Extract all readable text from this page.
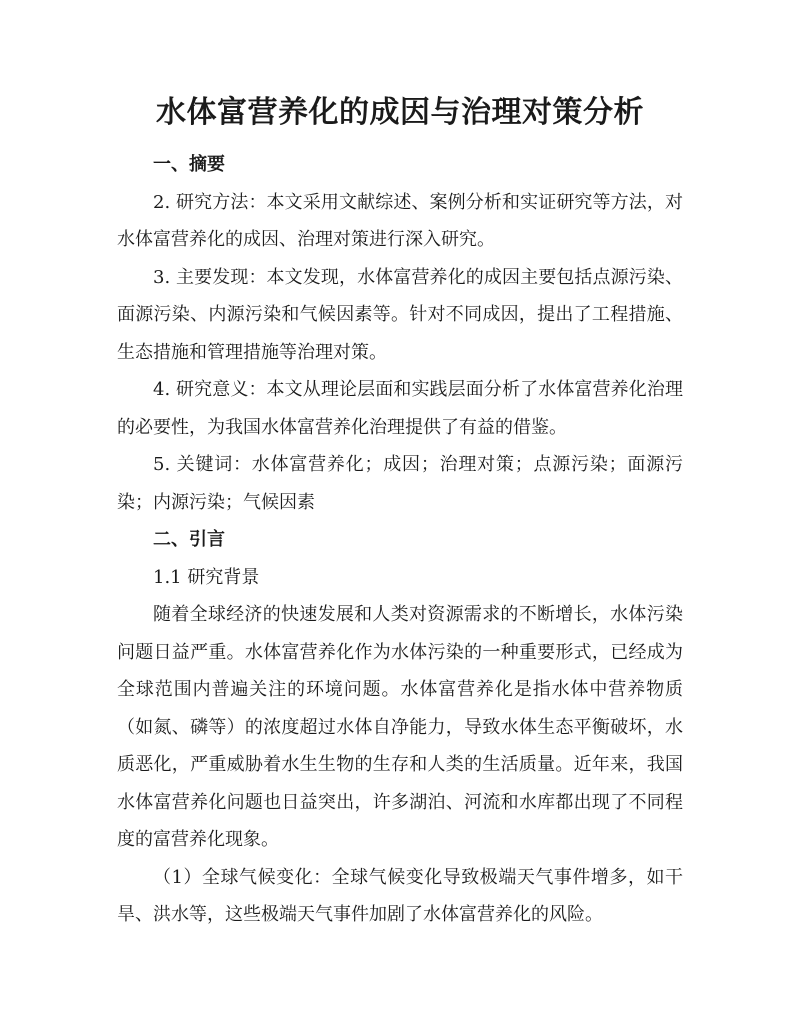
水体富营养化的成因与治理对策分析

一、摘要

2. 研究方法：本文采用文献综述、案例分析和实证研究等方法，对水体富营养化的成因、治理对策进行深入研究。

3. 主要发现：本文发现，水体富营养化的成因主要包括点源污染、面源污染、内源污染和气候因素等。针对不同成因，提出了工程措施、生态措施和管理措施等治理对策。

4. 研究意义：本文从理论层面和实践层面分析了水体富营养化治理的必要性，为我国水体富营养化治理提供了有益的借鉴。

5. 关键词：水体富营养化；成因；治理对策；点源污染；面源污染；内源污染；气候因素

二、引言

1.1 研究背景

随着全球经济的快速发展和人类对资源需求的不断增长，水体污染问题日益严重。水体富营养化作为水体污染的一种重要形式，已经成为全球范围内普遍关注的环境问题。水体富营养化是指水体中营养物质（如氮、磷等）的浓度超过水体自净能力，导致水体生态平衡破坏，水质恶化，严重威胁着水生生物的生存和人类的生活质量。近年来，我国水体富营养化问题也日益突出，许多湖泊、河流和水库都出现了不同程度的富营养化现象。

（1）全球气候变化：全球气候变化导致极端天气事件增多，如干旱、洪水等，这些极端天气事件加剧了水体富营养化的风险。
